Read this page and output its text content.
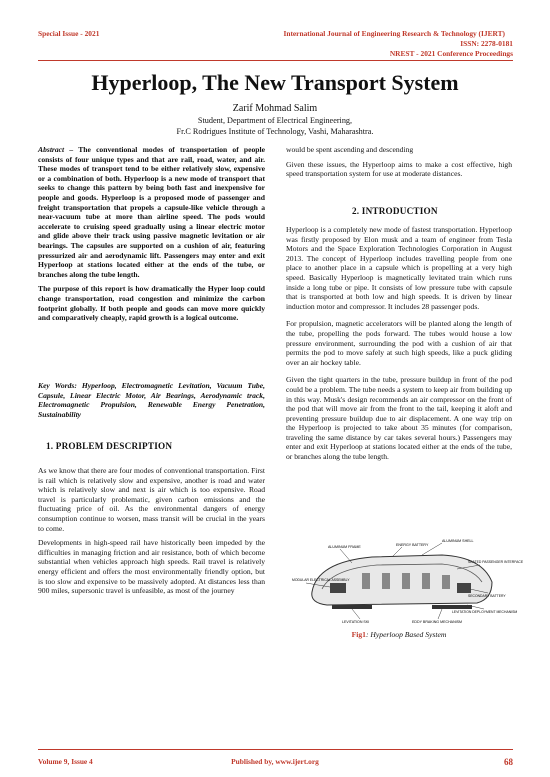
Special Issue - 2021	International Journal of Engineering Research & Technology (IJERT)
ISSN: 2278-0181
NREST - 2021 Conference Proceedings
Hyperloop, The New Transport System
Zarif Mohmad Salim
Student, Department of Electrical Engineering,
Fr.C Rodrigues Institute of Technology, Vashi, Maharashtra.

Abstract – The conventional modes of transportation of people consists of four unique types and that are rail, road, water, and air. These modes of transport tend to be either relatively slow, expensive or a combination of both. Hyperloop is a new mode of transport that seeks to change this pattern by being both fast and inexpensive for people and goods. Hyperloop is a proposed mode of passenger and freight transportation that propels a capsule-like vehicle through a near-vacuum tube at more than airline speed. The pods would accelerate to cruising speed gradually using a linear electric motor and glide above their track using passive magnetic levitation or air bearings. The capsules are supported on a cushion of air, featuring pressurized air and aerodynamic lift. Passengers may enter and exit Hyperloop at stations located either at the ends of the tube, or branches along the tube length.

The purpose of this report is how dramatically the Hyper loop could change transportation, road congestion and minimize the carbon footprint globally. If both people and goods can move more quickly and comparatively cheaply, rapid growth is a logical outcome.

Key Words: Hyperloop, Electromagnetic Levitation, Vacuum Tube, Capsule, Linear Electric Motor, Air Bearings, Aerodynamic track, Electromagnetic Propulsion, Renewable Energy Penetration, Sustainability
1. PROBLEM DESCRIPTION

As we know that there are four modes of conventional transportation. First is rail which is relatively slow and expensive, another is road and water which is relatively slow and next is air which is too expensive. Road travel is particularly problematic, given carbon emissions and the fluctuating price of oil. As the environmental dangers of energy consumption continue to worsen, mass transit will be crucial in the years to come.

Developments in high-speed rail have historically been impeded by the difficulties in managing friction and air resistance, both of which become substantial when vehicles approach high speeds. Rail travel is relatively energy efficient and offers the most environmentally friendly option, but is too slow and expensive to be massively adopted. At distances less than 900 miles, supersonic travel is unfeasible, as most of the journey

would be spent ascending and descending

Given these issues, the Hyperloop aims to make a cost effective, high speed transportation system for use at moderate distances.

2. INTRODUCTION

Hyperloop is a completely new mode of fastest transportation. Hyperloop was firstly proposed by Elon musk and a team of engineer from Tesla Motors and the Space Exploration Technologies Corporation in August 2013. The concept of Hyperloop includes travelling people from one place to another place in a capsule which is propelling at a very high speed. Basically Hyperloop is magnetically levitated train which runs inside a long tube or pipe. It consists of low pressure tube with capsule that is transported at both low and high speeds. It is driven by linear induction motor and compressor. It includes 28 passenger pods.

For propulsion, magnetic accelerators will be planted along the length of the tube, propelling the pods forward. The tubes would house a low pressure environment, surrounding the pod with a cushion of air that permits the pod to move safely at such high speeds, like a puck gliding over an air hockey table.

Given the tight quarters in the tube, pressure buildup in front of the pod could be a problem. The tube needs a system to keep air from building up in this way. Musk's design recommends an air compressor on the front of the pod that will move air from the front to the tail, keeping it aloft and preventing pressure buildup due to air displacement. A one way trip on the Hyperloop is projected to take about 35 minutes (for comparison, traveling the same distance by car takes several hours.) Passengers may enter and exit Hyperloop at stations located either at the ends of the tube, or branches along the tube length.

ALUMINUM SHELL
ENERGY BATTERY
ALUMINUM FRAME
SEATED PASSENGER INTERFACE
MODULAR ELECTRICAL ASSEMBLY
SECONDARY BATTERY
LEVITATION DEPLOYMENT MECHANISM
LEVITATION SKI	EDDY BRAKING MECHANISM
Fig1: Hyperloop Based System
Volume 9, Issue 4	Published by, www.ijert.org	68
